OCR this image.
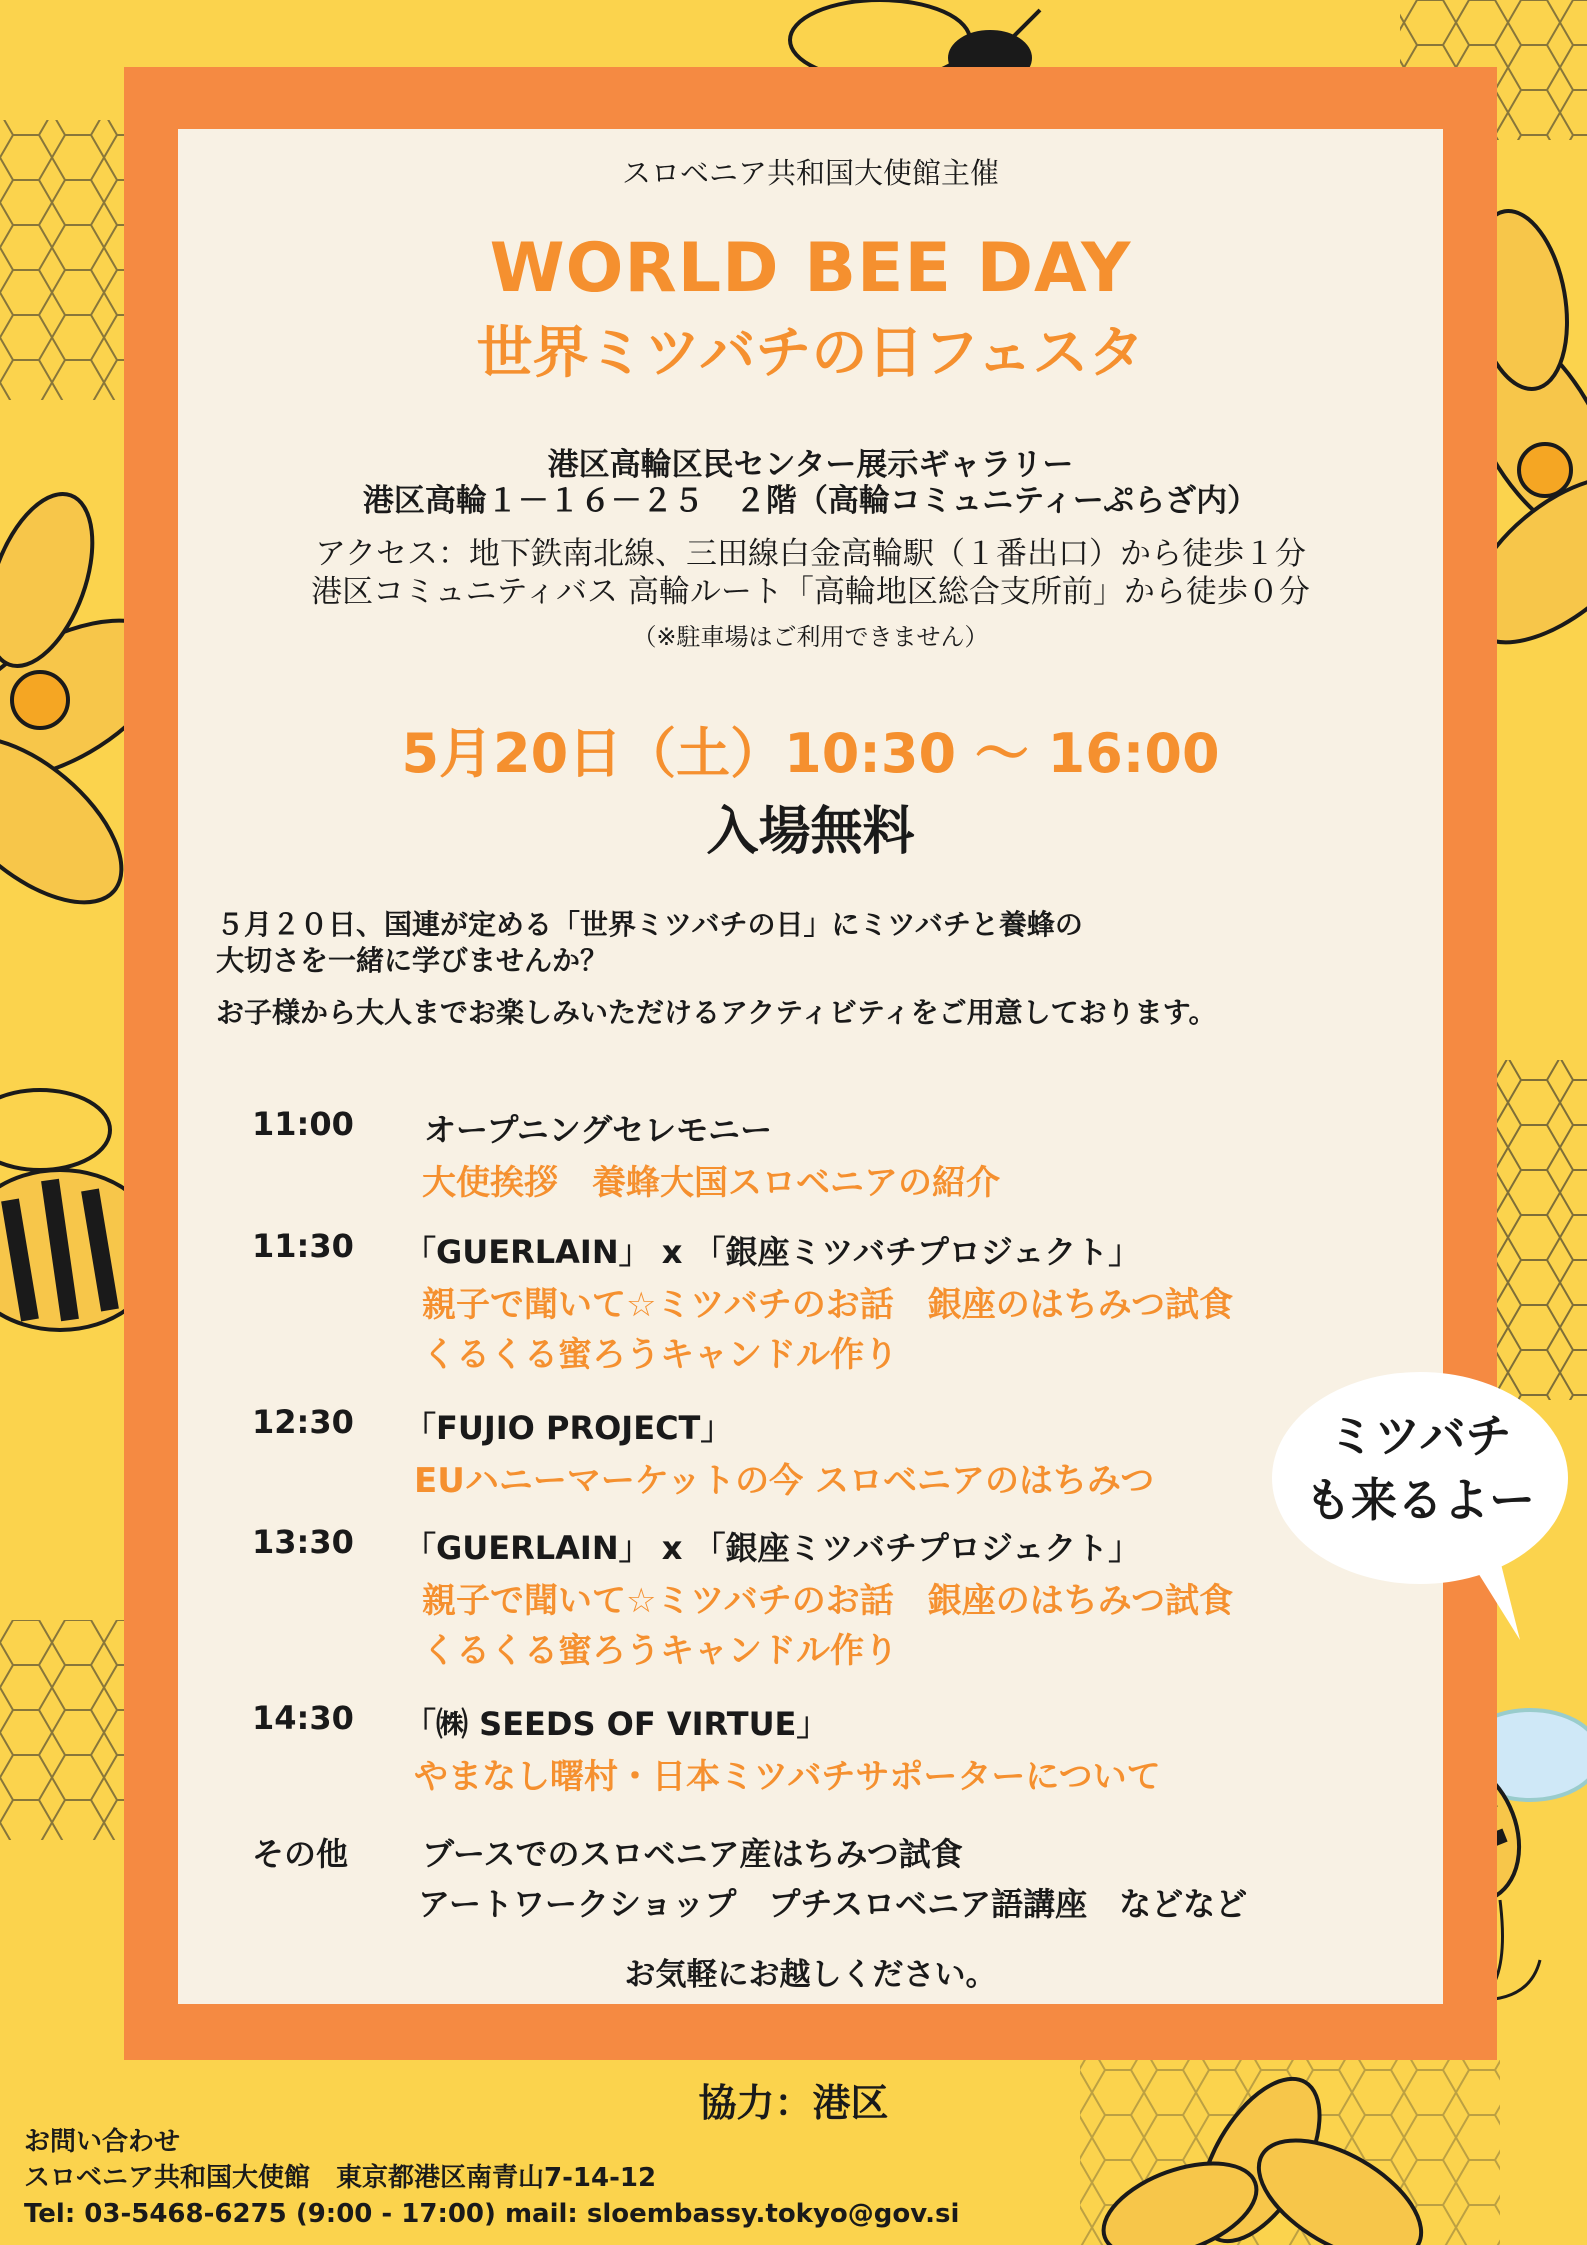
スロベニア共和国大使館主催
WORLD BEE DAY
世界ミツバチの日フェスタ
港区高輪区民センター展示ギャラリー
港区高輪１－１６－２５　２階（高輪コミュニティーぷらざ内）
アクセス：地下鉄南北線、三田線白金高輪駅（１番出口）から徒歩１分
港区コミュニティバス 高輪ルート「高輪地区総合支所前」から徒歩０分
（※駐車場はご利用できません）
5月20日（土）10:30 ～ 16:00
入場無料
５月２０日、国連が定める「世界ミツバチの日」にミツバチと養蜂の
大切さを一緒に学びませんか？
お子様から大人までお楽しみいただけるアクティビティをご用意しております。
11:00 オープニングセレモニー
大使挨拶　養蜂大国スロベニアの紹介
11:30 「GUERLAIN」 x 「銀座ミツバチプロジェクト」
親子で聞いて☆ミツバチのお話　銀座のはちみつ試食
くるくる蜜ろうキャンドル作り
12:30 「FUJIO PROJECT」
EUハニーマーケットの今 スロベニアのはちみつ
13:30 「GUERLAIN」 x 「銀座ミツバチプロジェクト」
親子で聞いて☆ミツバチのお話　銀座のはちみつ試食
くるくる蜜ろうキャンドル作り
14:30 「㈱ SEEDS OF VIRTUE」
やまなし曙村・日本ミツバチサポーターについて
その他 ブースでのスロベニア産はちみつ試食
アートワークショップ　プチスロベニア語講座　などなど
お気軽にお越しください。
ミツバチ
も来るよー
協力：港区
お問い合わせ
スロベニア共和国大使館　東京都港区南青山7-14-12
Tel: 03-5468-6275 (9:00 - 17:00) mail: sloembassy.tokyo@gov.si
